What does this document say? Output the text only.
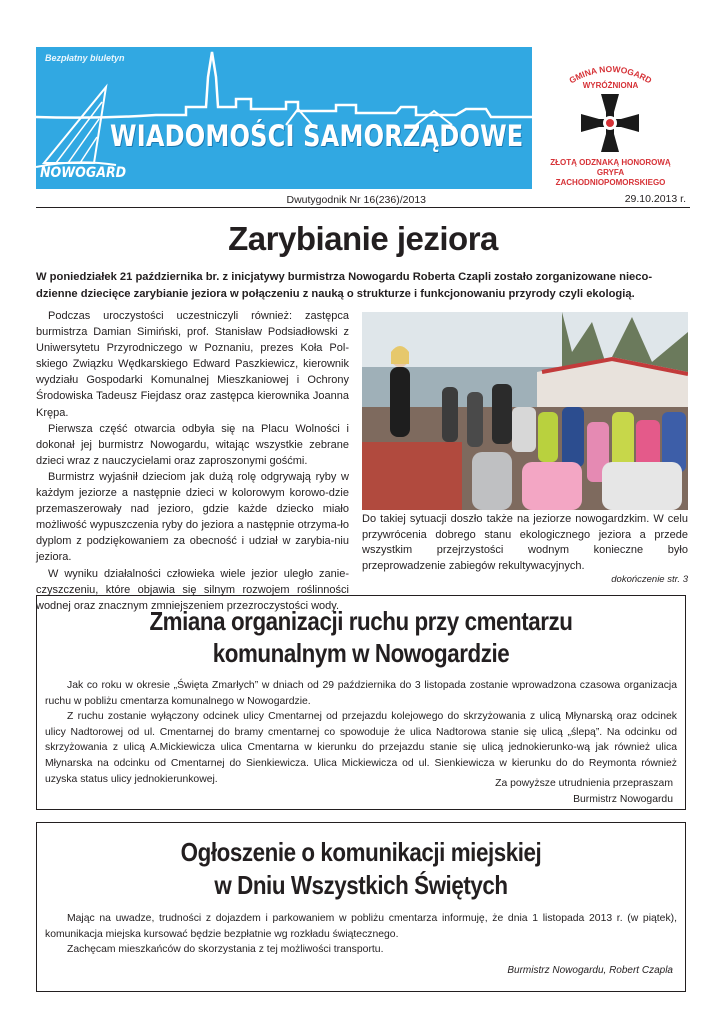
Bezpłatny biuletyn
WIADOMOŚCI SAMORZĄDOWE
NOWOGARD
GMINA NOWOGARD
WYRÓŻNIONA
ZŁOTĄ ODZNAKĄ HONOROWĄ
GRYFA
ZACHODNIOPOMORSKIEGO
Dwutygodnik Nr 16(236)/2013	29.10.2013 r.
Zarybianie jeziora
W poniedziałek 21 października br. z inicjatywy burmistrza Nowogardu Roberta Czapli zostało zorganizowane nieco-dzienne dziecięce zarybianie jeziora w połączeniu z nauką o strukturze i funkcjonowaniu przyrody czyli ekologią.

Podczas uroczystości uczestniczyli również: zastępca burmistrza Damian Simiński, prof. Stanisław Podsiadłowski z Uniwersytetu Przyrodniczego w Poznaniu, prezes Koła Pol-skiego Związku Wędkarskiego Edward Paszkiewicz, kierownik wydziału Gospodarki Komunalnej Mieszkaniowej i Ochrony Środowiska Tadeusz Fiejdasz oraz zastępca kierownika Joanna Krępa.

Pierwsza część otwarcia odbyła się na Placu Wolności i dokonał jej burmistrz Nowogardu, witając wszystkie zebrane dzieci wraz z nauczycielami oraz zaproszonymi gośćmi.

Burmistrz wyjaśnił dzieciom jak dużą rolę odgrywają ryby w każdym jeziorze a następnie dzieci w kolorowym korowo-dzie przemaszerowały nad jezioro, gdzie każde dziecko miało możliwość wypuszczenia ryby do jeziora a następnie otrzyma-ło dyplom z podziękowaniem za obecność i udział w zarybia-niu jeziora.

W wyniku działalności człowieka wiele jezior uległo zanie-czyszczeniu, które objawia się silnym rozwojem roślinności wodnej oraz znacznym zmniejszeniem przezroczystości wody.

Do takiej sytuacji doszło także na jeziorze nowogardzkim. W celu przywrócenia dobrego stanu ekologicznego jeziora a przede wszystkim przejrzystości wodnym konieczne było przeprowadzenie zabiegów rekultywacyjnych.
dokończenie str. 3
Zmiana organizacji ruchu przy cmentarzu
komunalnym w Nowogardzie

Jak co roku w okresie „Święta Zmarłych” w dniach od 29 października do 3 listopada zostanie wprowadzona czasowa organizacja ruchu w pobliżu cmentarza komunalnego w Nowogardzie.

Z ruchu zostanie wyłączony odcinek ulicy Cmentarnej od przejazdu kolejowego do skrzyżowania z ulicą Młynarską oraz odcinek ulicy Nadtorowej od ul. Cmentarnej do bramy cmentarnej co spowoduje że ulica Nadtorowa stanie się ulicą „ślepą”. Na odcinku od skrzyżowania z ulicą A.Mickiewicza ulica Cmentarna w kierunku do przejazdu stanie się ulicą jednokierunko-wą jak również ulica Młynarska na odcinku od Cmentarnej do Sienkiewicza. Ulica Mickiewicza od ul. Sienkiewicza w kierunku do do Reymonta również uzyska status ulicy jednokierunkowej.	Za powyższe utrudnienia przepraszam
Burmistrz Nowogardu
Ogłoszenie o komunikacji miejskiej
w Dniu Wszystkich Świętych

Mając na uwadze, trudności z dojazdem i parkowaniem w pobliżu cmentarza informuję, że dnia 1 listopada 2013 r. (w piątek), komunikacja miejska kursować będzie bezpłatnie wg rozkładu świątecznego.

Zachęcam mieszkańców do skorzystania z tej możliwości transportu.

Burmistrz Nowogardu, Robert Czapla
